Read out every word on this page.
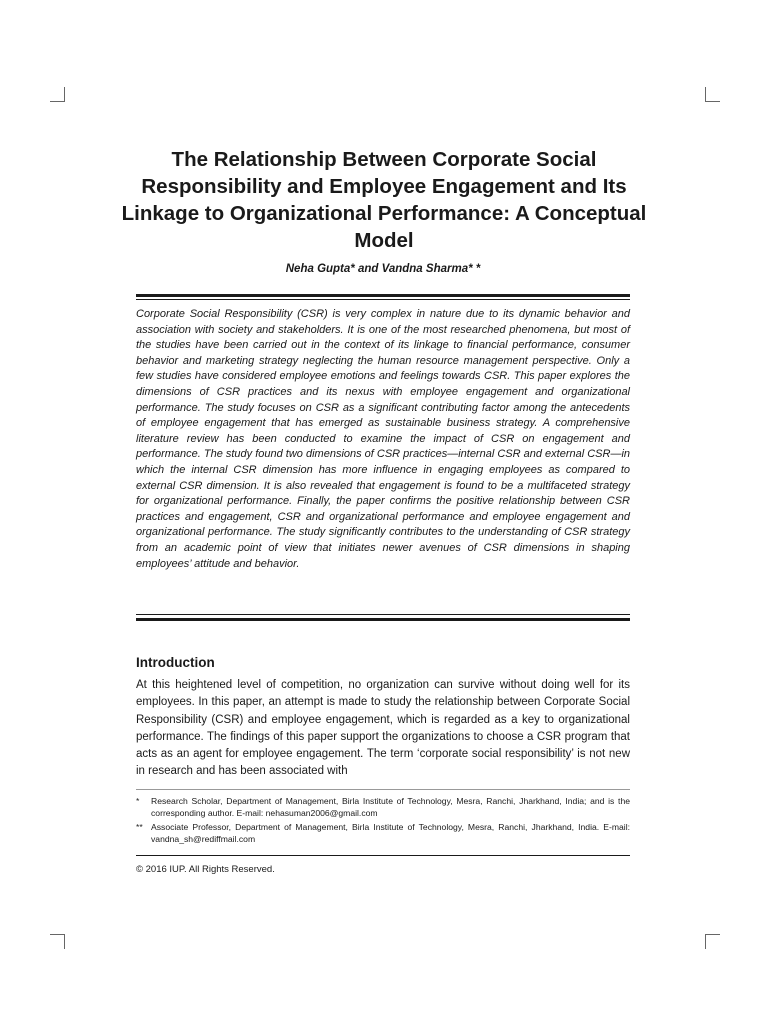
The Relationship Between Corporate Social Responsibility and Employee Engagement and Its Linkage to Organizational Performance: A Conceptual Model
Neha Gupta* and Vandna Sharma* *

Corporate Social Responsibility (CSR) is very complex in nature due to its dynamic behavior and association with society and stakeholders. It is one of the most researched phenomena, but most of the studies have been carried out in the context of its linkage to financial performance, consumer behavior and marketing strategy neglecting the human resource management perspective. Only a few studies have considered employee emotions and feelings towards CSR. This paper explores the dimensions of CSR practices and its nexus with employee engagement and organizational performance. The study focuses on CSR as a significant contributing factor among the antecedents of employee engagement that has emerged as sustainable business strategy. A comprehensive literature review has been conducted to examine the impact of CSR on engagement and performance. The study found two dimensions of CSR practices—internal CSR and external CSR—in which the internal CSR dimension has more influence in engaging employees as compared to external CSR dimension. It is also revealed that engagement is found to be a multifaceted strategy for organizational performance. Finally, the paper confirms the positive relationship between CSR practices and engagement, CSR and organizational performance and employee engagement and organizational performance. The study significantly contributes to the understanding of CSR strategy from an academic point of view that initiates newer avenues of CSR dimensions in shaping employees’ attitude and behavior.

Introduction

At this heightened level of competition, no organization can survive without doing well for its employees. In this paper, an attempt is made to study the relationship between Corporate Social Responsibility (CSR) and employee engagement, which is regarded as a key to organizational performance. The findings of this paper support the organizations to choose a CSR program that acts as an agent for employee engagement. The term ‘corporate social responsibility’ is not new in research and has been associated with

*	Research Scholar, Department of Management, Birla Institute of Technology, Mesra, Ranchi, Jharkhand, India; and is the corresponding author. E-mail: nehasuman2006@gmail.com
** Associate Professor, Department of Management, Birla Institute of Technology, Mesra, Ranchi, Jharkhand, India. E-mail: vandna_sh@rediffmail.com
© 2016 IUP. All Rights Reserved.
